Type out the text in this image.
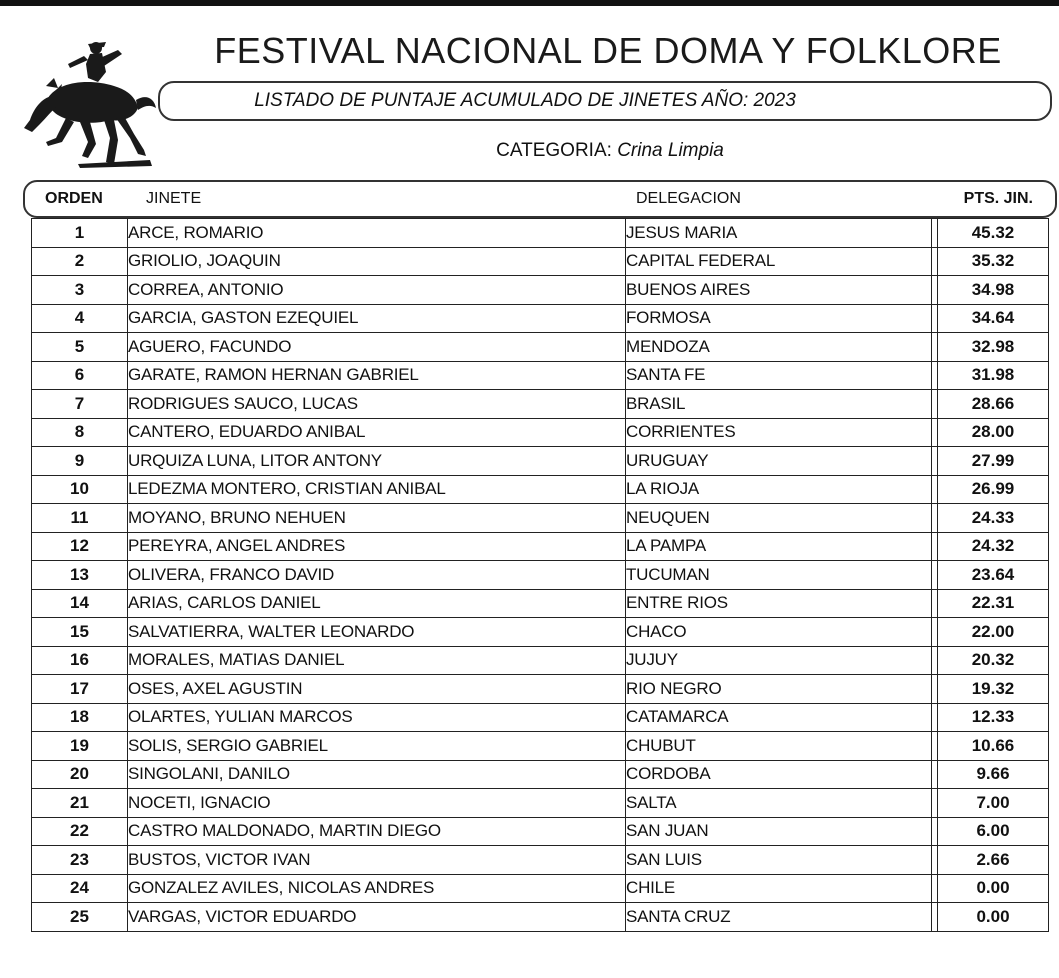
FESTIVAL NACIONAL DE DOMA Y FOLKLORE
LISTADO DE PUNTAJE ACUMULADO DE JINETES AÑO: 2023
CATEGORIA: Crina Limpia
ORDEN	JINETE	DELEGACION	PTS. JIN.
1	ARCE, ROMARIO	JESUS MARIA		45.32
2	GRIOLIO, JOAQUIN	CAPITAL FEDERAL		35.32
3	CORREA, ANTONIO	BUENOS AIRES		34.98
4	GARCIA, GASTON EZEQUIEL	FORMOSA		34.64
5	AGUERO, FACUNDO	MENDOZA		32.98
6	GARATE, RAMON HERNAN GABRIEL	SANTA FE		31.98
7	RODRIGUES SAUCO, LUCAS	BRASIL		28.66
8	CANTERO, EDUARDO ANIBAL	CORRIENTES		28.00
9	URQUIZA LUNA, LITOR ANTONY	URUGUAY		27.99
10	LEDEZMA MONTERO, CRISTIAN ANIBAL	LA RIOJA		26.99
11	MOYANO, BRUNO NEHUEN	NEUQUEN		24.33
12	PEREYRA, ANGEL ANDRES	LA PAMPA		24.32
13	OLIVERA, FRANCO DAVID	TUCUMAN		23.64
14	ARIAS, CARLOS DANIEL	ENTRE RIOS		22.31
15	SALVATIERRA, WALTER LEONARDO	CHACO		22.00
16	MORALES, MATIAS DANIEL	JUJUY		20.32
17	OSES, AXEL AGUSTIN	RIO NEGRO		19.32
18	OLARTES, YULIAN MARCOS	CATAMARCA		12.33
19	SOLIS, SERGIO GABRIEL	CHUBUT		10.66
20	SINGOLANI, DANILO	CORDOBA		9.66
21	NOCETI, IGNACIO	SALTA		7.00
22	CASTRO MALDONADO, MARTIN DIEGO	SAN JUAN		6.00
23	BUSTOS, VICTOR IVAN	SAN LUIS		2.66
24	GONZALEZ AVILES, NICOLAS ANDRES	CHILE		0.00
25	VARGAS, VICTOR EDUARDO	SANTA CRUZ		0.00
